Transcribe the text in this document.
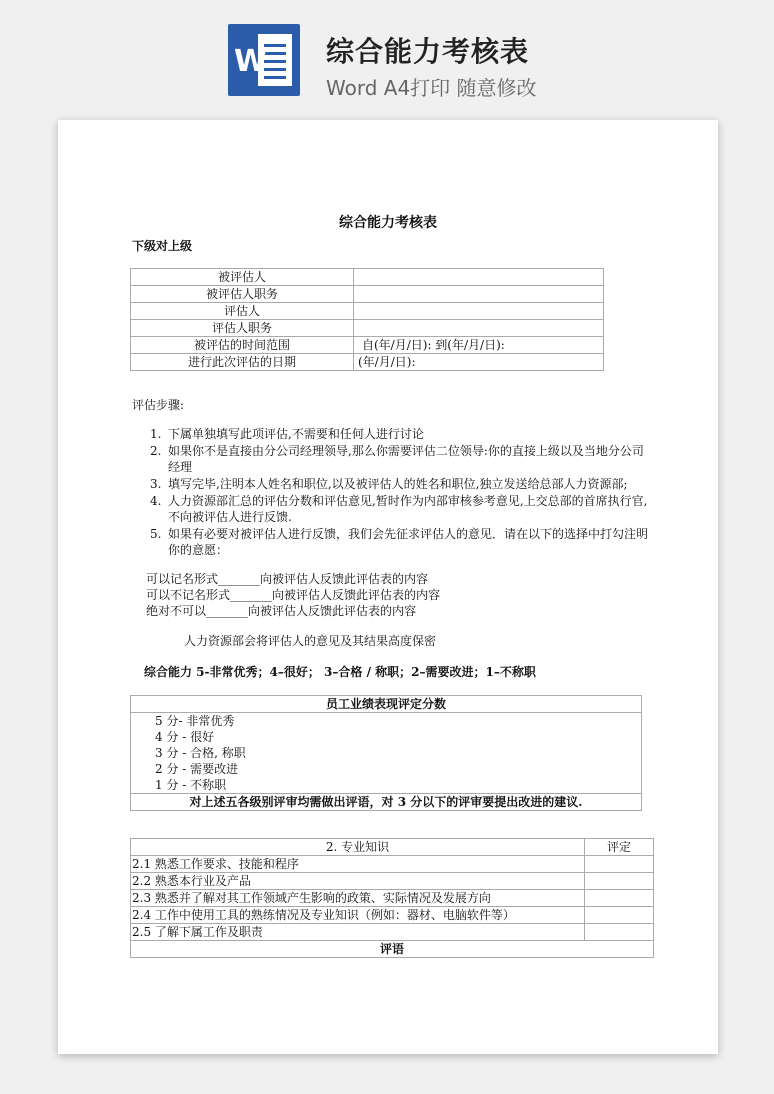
W 综合能力考核表
Word A4打印 随意修改
综合能力考核表
下级对上级
被评估人	
被评估人职务	
评估人	
评估人职务	
被评估的时间范围	自(年/月/日): 到(年/月/日):
进行此次评估的日期	(年/月/日):
评估步骤:
1. 下属单独填写此项评估,不需要和任何人进行讨论
2. 如果你不是直接由分公司经理领导,那么你需要评估二位领导:你的直接上级以及当地分公司经理
3. 填写完毕,注明本人姓名和职位,以及被评估人的姓名和职位,独立发送给总部人力资源部;
4. 人力资源部汇总的评估分数和评估意见,暂时作为内部审核参考意见,上交总部的首席执行官,不向被评估人进行反馈.
5. 如果有必要对被评估人进行反馈，我们会先征求评估人的意见．请在以下的选择中打勾注明你的意愿：
可以记名形式_______向被评估人反馈此评估表的内容
可以不记名形式_______向被评估人反馈此评估表的内容
绝对不可以_______向被评估人反馈此评估表的内容
人力资源部会将评估人的意见及其结果高度保密
综合能力 5-非常优秀；4–很好； 3–合格 / 称职；2–需要改进；1–不称职
员工业绩表现评定分数

5 分- 非常优秀
4 分 - 很好
3 分 - 合格, 称职
2 分 - 需要改进
1 分 - 不称职

对上述五各级别评审均需做出评语，对 3 分以下的评审要提出改进的建议.
2. 专业知识	评定
2.1 熟悉工作要求、技能和程序	
2.2 熟悉本行业及产品	
2.3 熟悉并了解对其工作领域产生影响的政策、实际情况及发展方向	
2.4 工作中使用工具的熟练情况及专业知识（例如：器材、电脑软件等）	
2.5 了解下属工作及职责	
评语	
